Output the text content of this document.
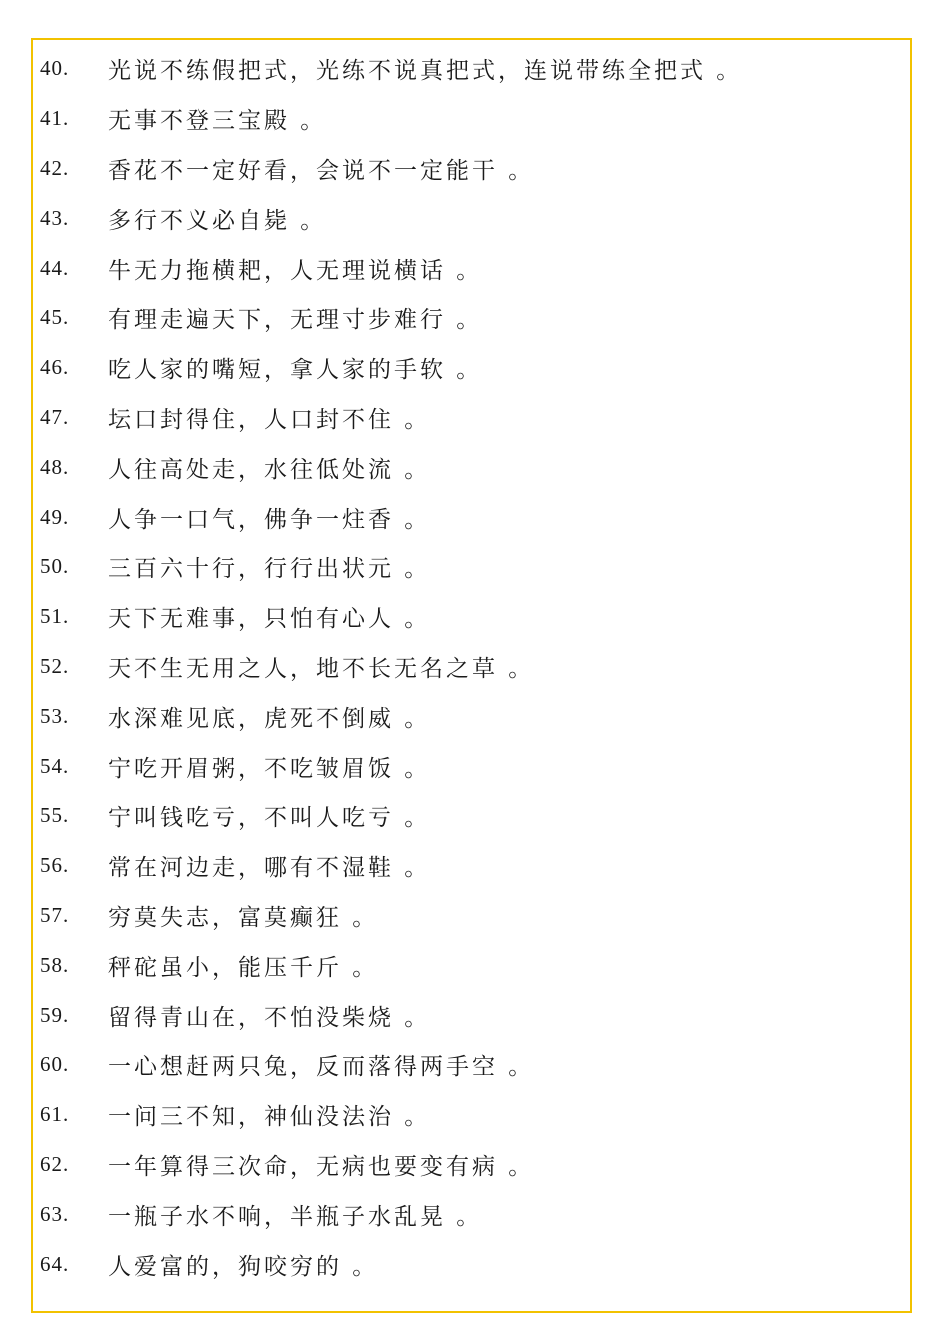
40.	光说不练假把式，光练不说真把式，连说带练全把式 。
41.	无事不登三宝殿 。
42.	香花不一定好看，会说不一定能干 。
43.	多行不义必自毙 。
44.	牛无力拖横耙，人无理说横话 。
45.	有理走遍天下，无理寸步难行 。
46.	吃人家的嘴短，拿人家的手软 。
47.	坛口封得住，人口封不住 。
48.	人往高处走，水往低处流 。
49.	人争一口气，佛争一炷香 。
50.	三百六十行，行行出状元 。
51.	天下无难事，只怕有心人 。
52.	天不生无用之人，地不长无名之草 。
53.	水深难见底，虎死不倒威 。
54.	宁吃开眉粥，不吃皱眉饭 。
55.	宁叫钱吃亏，不叫人吃亏 。
56.	常在河边走，哪有不湿鞋 。
57.	穷莫失志，富莫癫狂 。
58.	秤砣虽小，能压千斤 。
59.	留得青山在，不怕没柴烧 。
60.	一心想赶两只兔，反而落得两手空 。
61.	一问三不知，神仙没法治 。
62.	一年算得三次命，无病也要变有病 。
63.	一瓶子水不响，半瓶子水乱晃 。
64.	人爱富的，狗咬穷的 。
